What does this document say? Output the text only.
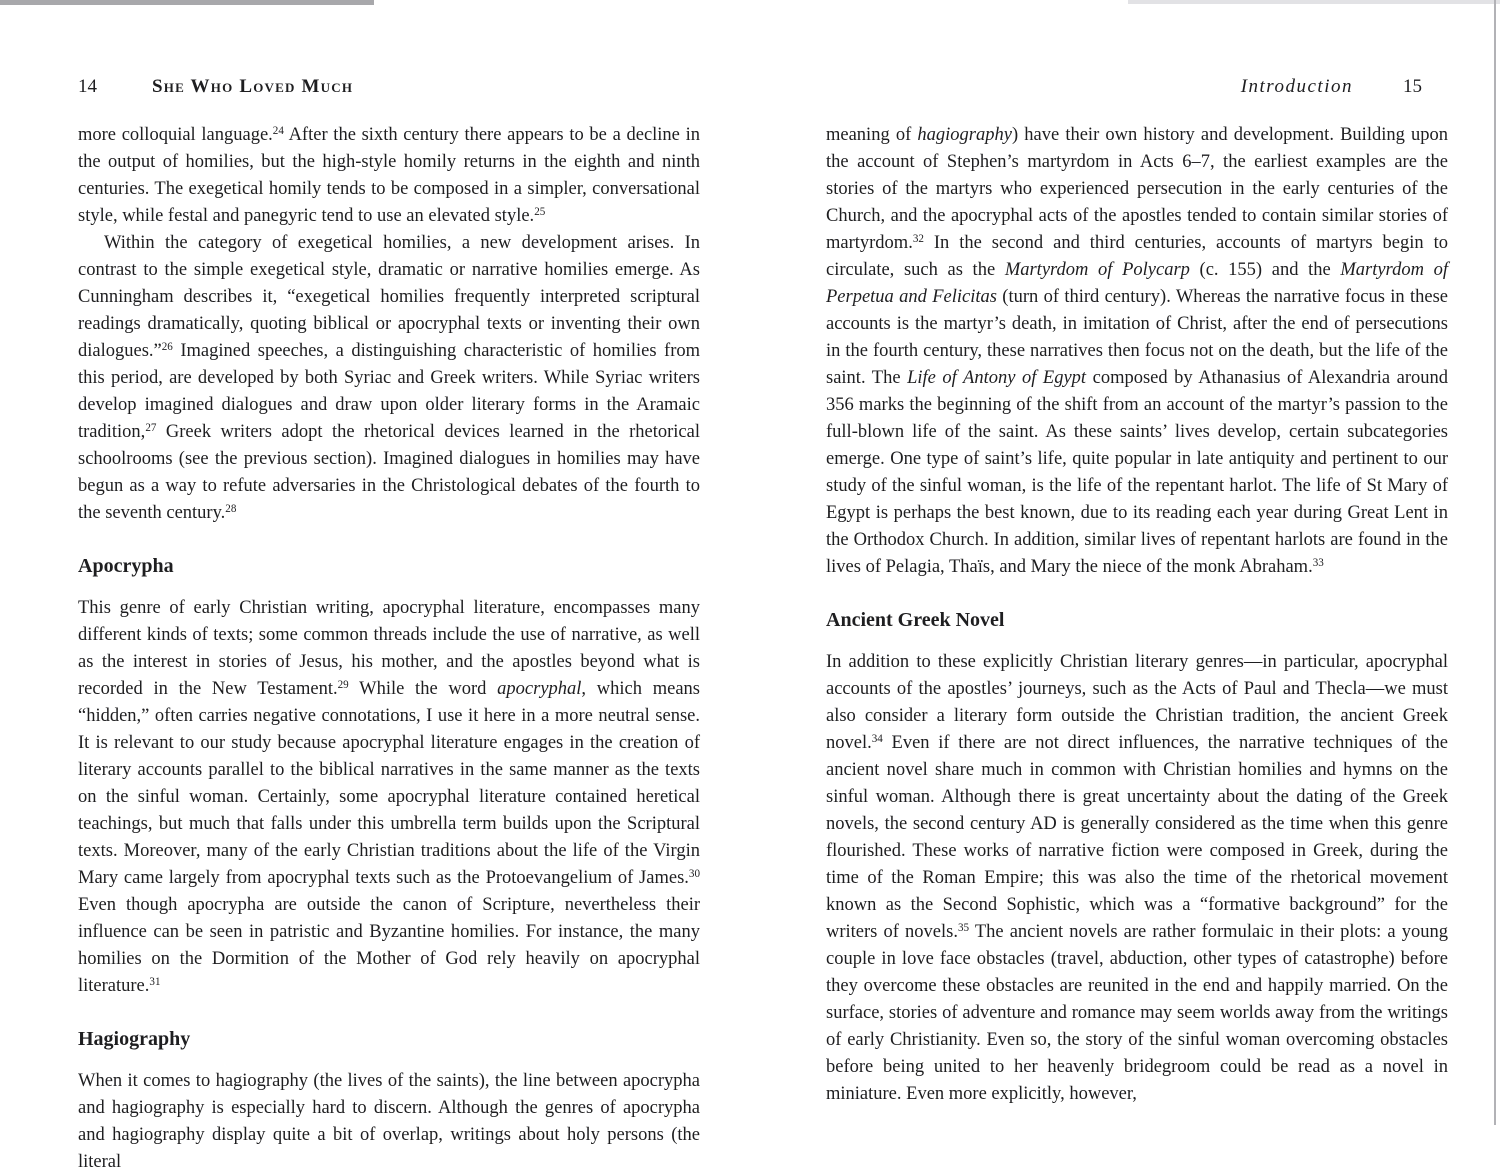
14	She Who Loved Much

more colloquial language.$^{24}$ After the sixth century there appears to be a decline in the output of homilies, but the high-style homily returns in the eighth and ninth centuries. The exegetical homily tends to be composed in a simpler, conversational style, while festal and panegyric tend to use an elevated style.$^{25}$

Within the category of exegetical homilies, a new development arises. In contrast to the simple exegetical style, dramatic or narrative homilies emerge. As Cunningham describes it, “exegetical homilies frequently interpreted scriptural readings dramatically, quoting biblical or apocryphal texts or inventing their own dialogues.”$^{26}$ Imagined speeches, a distinguishing characteristic of homilies from this period, are developed by both Syriac and Greek writers. While Syriac writers develop imagined dialogues and draw upon older literary forms in the Aramaic tradition,$^{27}$ Greek writers adopt the rhetorical devices learned in the rhetorical schoolrooms (see the previous section). Imagined dialogues in homilies may have begun as a way to refute adversaries in the Christological debates of the fourth to the seventh century.$^{28}$

Apocrypha

This genre of early Christian writing, apocryphal literature, encompasses many different kinds of texts; some common threads include the use of narrative, as well as the interest in stories of Jesus, his mother, and the apostles beyond what is recorded in the New Testament.$^{29}$ While the word apocryphal, which means “hidden,” often carries negative connotations, I use it here in a more neutral sense. It is relevant to our study because apocryphal literature engages in the creation of literary accounts parallel to the biblical narratives in the same manner as the texts on the sinful woman. Certainly, some apocryphal literature contained heretical teachings, but much that falls under this umbrella term builds upon the Scriptural texts. Moreover, many of the early Christian traditions about the life of the Virgin Mary came largely from apocryphal texts such as the Protoevangelium of James.$^{30}$ Even though apocrypha are outside the canon of Scripture, nevertheless their influence can be seen in patristic and Byzantine homilies. For instance, the many homilies on the Dormition of the Mother of God rely heavily on apocryphal literature.$^{31}$

Hagiography

When it comes to hagiography (the lives of the saints), the line between apocrypha and hagiography is especially hard to discern. Although the genres of apocrypha and hagiography display quite a bit of overlap, writings about holy persons (the literal

Introduction	15

meaning of hagiography) have their own history and development. Building upon the account of Stephen’s martyrdom in Acts 6–7, the earliest examples are the stories of the martyrs who experienced persecution in the early centuries of the Church, and the apocryphal acts of the apostles tended to contain similar stories of martyrdom.$^{32}$ In the second and third centuries, accounts of martyrs begin to circulate, such as the Martyrdom of Polycarp (c. 155) and the Martyrdom of Perpetua and Felicitas (turn of third century). Whereas the narrative focus in these accounts is the martyr’s death, in imitation of Christ, after the end of persecutions in the fourth century, these narratives then focus not on the death, but the life of the saint. The Life of Antony of Egypt composed by Athanasius of Alexandria around 356 marks the beginning of the shift from an account of the martyr’s passion to the full-blown life of the saint. As these saints’ lives develop, certain subcategories emerge. One type of saint’s life, quite popular in late antiquity and pertinent to our study of the sinful woman, is the life of the repentant harlot. The life of St Mary of Egypt is perhaps the best known, due to its reading each year during Great Lent in the Orthodox Church. In addition, similar lives of repentant harlots are found in the lives of Pelagia, Thaïs, and Mary the niece of the monk Abraham.$^{33}$

Ancient Greek Novel

In addition to these explicitly Christian literary genres—in particular, apocryphal accounts of the apostles’ journeys, such as the Acts of Paul and Thecla—we must also consider a literary form outside the Christian tradition, the ancient Greek novel.$^{34}$ Even if there are not direct influences, the narrative techniques of the ancient novel share much in common with Christian homilies and hymns on the sinful woman. Although there is great uncertainty about the dating of the Greek novels, the second century AD is generally considered as the time when this genre flourished. These works of narrative fiction were composed in Greek, during the time of the Roman Empire; this was also the time of the rhetorical movement known as the Second Sophistic, which was a “formative background” for the writers of novels.$^{35}$ The ancient novels are rather formulaic in their plots: a young couple in love face obstacles (travel, abduction, other types of catastrophe) before they overcome these obstacles are reunited in the end and happily married. On the surface, stories of adventure and romance may seem worlds away from the writings of early Christianity. Even so, the story of the sinful woman overcoming obstacles before being united to her heavenly bridegroom could be read as a novel in miniature. Even more explicitly, however,
